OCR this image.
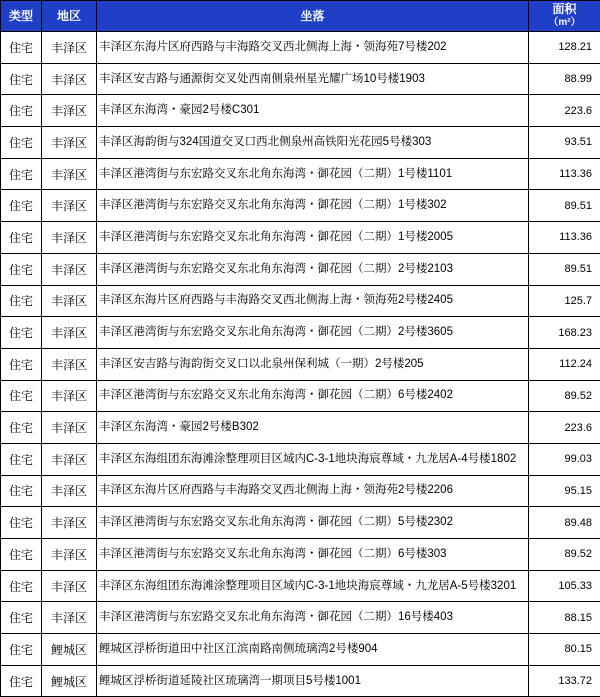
类型	地区	坐落	面积
（m²）

住宅	丰泽区	丰泽区东海片区府西路与丰海路交叉西北侧海上海・领海苑7号楼202	128.21
住宅	丰泽区	丰泽区安吉路与通源街交叉处西南侧泉州星光耀广场10号楼1903	88.99
住宅	丰泽区	丰泽区东海湾・豪园2号楼C301	223.6
住宅	丰泽区	丰泽区海韵街与324国道交叉口西北侧泉州高铁阳光花园5号楼303	93.51
住宅	丰泽区	丰泽区港湾街与东宏路交叉东北角东海湾・御花园（二期）1号楼1101	113.36
住宅	丰泽区	丰泽区港湾街与东宏路交叉东北角东海湾・御花园（二期）1号楼302	89.51
住宅	丰泽区	丰泽区港湾街与东宏路交叉东北角东海湾・御花园（二期）1号楼2005	113.36
住宅	丰泽区	丰泽区港湾街与东宏路交叉东北角东海湾・御花园（二期）2号楼2103	89.51
住宅	丰泽区	丰泽区东海片区府西路与丰海路交叉西北侧海上海・领海苑2号楼2405	125.7
住宅	丰泽区	丰泽区港湾街与东宏路交叉东北角东海湾・御花园（二期）2号楼3605	168.23
住宅	丰泽区	丰泽区安吉路与海韵街交叉口以北泉州保利城（一期）2号楼205	112.24
住宅	丰泽区	丰泽区港湾街与东宏路交叉东北角东海湾・御花园（二期）6号楼2402	89.52
住宅	丰泽区	丰泽区东海湾・豪园2号楼B302	223.6
住宅	丰泽区	丰泽区东海组团东海滩涂整理项目区域内C-3-1地块海宸尊域・九龙居A-4号楼1802	99.03
住宅	丰泽区	丰泽区东海片区府西路与丰海路交叉西北侧海上海・领海苑2号楼2206	95.15
住宅	丰泽区	丰泽区港湾街与东宏路交叉东北角东海湾・御花园（二期）5号楼2302	89.48
住宅	丰泽区	丰泽区港湾街与东宏路交叉东北角东海湾・御花园（二期）6号楼303	89.52
住宅	丰泽区	丰泽区东海组团东海滩涂整理项目区域内C-3-1地块海宸尊域・九龙居A-5号楼3201	105.33
住宅	丰泽区	丰泽区港湾街与东宏路交叉东北角东海湾・御花园（二期）16号楼403	88.15
住宅	鲤城区	鲤城区浮桥街道田中社区江滨南路南侧琉璃湾2号楼904	80.15
住宅	鲤城区	鲤城区浮桥街道延陵社区琉璃湾一期项目5号楼1001	133.72
